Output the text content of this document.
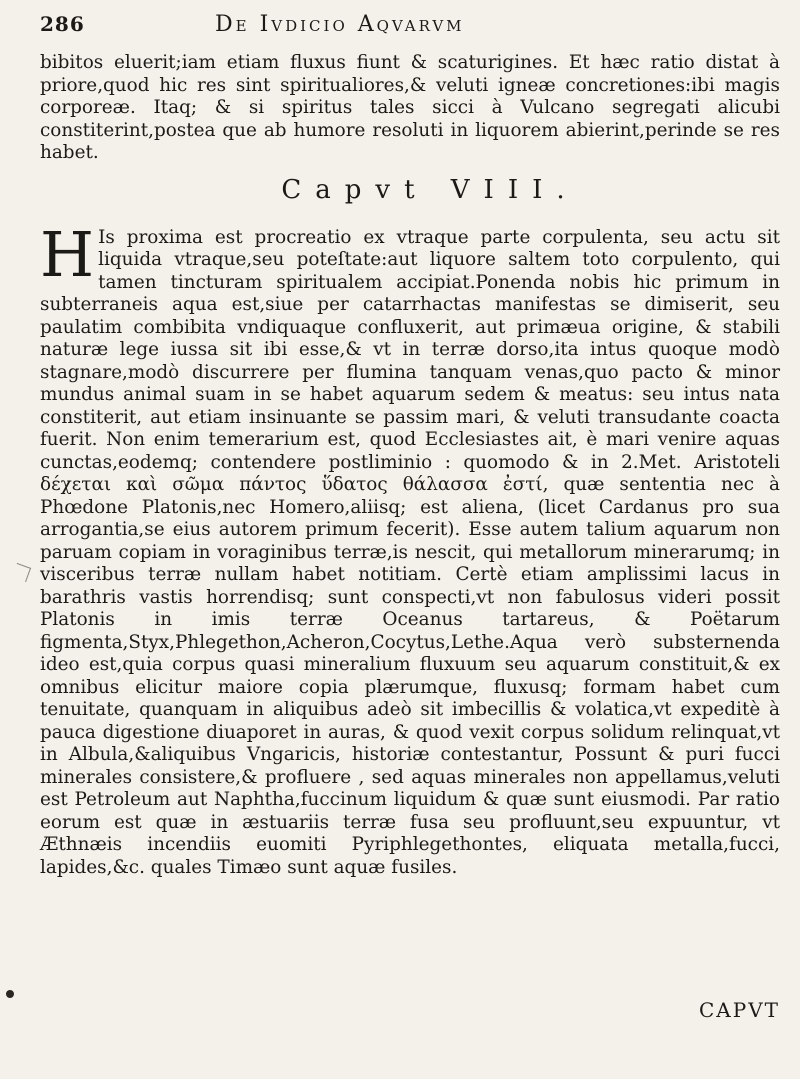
286	De Ivdicio Aqvarvm

bibitos eluerit;iam etiam fluxus fiunt & scaturigines. Et hæc ratio distat à priore,quod hic res sint spiritualiores,& veluti igneæ concretiones:ibi magis corporeæ. Itaq; & si spiritus tales sicci à Vulcano segregati alicubi constiterint,postea que ab humore resoluti in liquorem abierint,perinde se res habet.

Capvt VIII.
H Is proxima est procreatio ex vtraque parte corpulenta, seu actu sit liquida vtraque,seu poteſtate:aut liquore saltem toto corpulento, qui tamen tincturam spiritualem accipiat.Ponenda nobis hic primum in subterraneis aqua est,siue per catarrhactas manifestas se dimiserit, seu paulatim combibita vndiquaque confluxerit, aut primæua origine, & stabili naturæ lege iussa sit ibi esse,& vt in terræ dorso,ita intus quoque modò stagnare,modò discurrere per flumina tanquam venas,quo pacto & minor mundus animal suam in se habet aquarum sedem & meatus: seu intus nata constiterit, aut etiam insinuante se passim mari, & veluti transudante coacta fuerit. Non enim temerarium est, quod Ecclesiastes ait, è mari venire aquas cunctas,eodemq; contendere postliminio : quomodo & in 2.Met. Aristoteli δέχεται καὶ σῶμα πάντος ὕδατος θάλασσα ἐστί, quæ sententia nec à Phœdone Platonis,nec Homero,aliisq; est aliena, (licet Cardanus pro sua arrogantia,se eius autorem primum fecerit). Esse autem talium aquarum non paruam copiam in voraginibus terræ,is nescit, qui metallorum minerarumq; in visceribus terræ nullam habet notitiam. Certè etiam amplissimi lacus in barathris vastis horrendisq; sunt conspecti,vt non fabulosus videri possit Platonis in imis terræ Oceanus tartareus, & Poëtarum figmenta,Styx,Phlegethon,Acheron,Cocytus,Lethe.Aqua verò substernenda ideo est,quia corpus quasi mineralium fluxuum seu aquarum constituit,& ex omnibus elicitur maiore copia plærumque, fluxusq; formam habet cum tenuitate, quanquam in aliquibus adeò sit imbecillis & volatica,vt expeditè à pauca digestione diuaporet in auras, & quod vexit corpus solidum relinquat,vt in Albula,&aliquibus Vngaricis, historiæ contestantur, Possunt & puri fucci minerales consistere,& profluere , sed aquas minerales non appellamus,veluti est Petroleum aut Naphtha,fuccinum liquidum & quæ sunt eiusmodi. Par ratio eorum est quæ in æstuariis terræ fusa seu profluunt,seu expuuntur, vt Æthnæis incendiis euomiti Pyriphlegethontes, eliquata metalla,fucci, lapides,&c. quales Timæo sunt aquæ fusiles.

CAPVT
